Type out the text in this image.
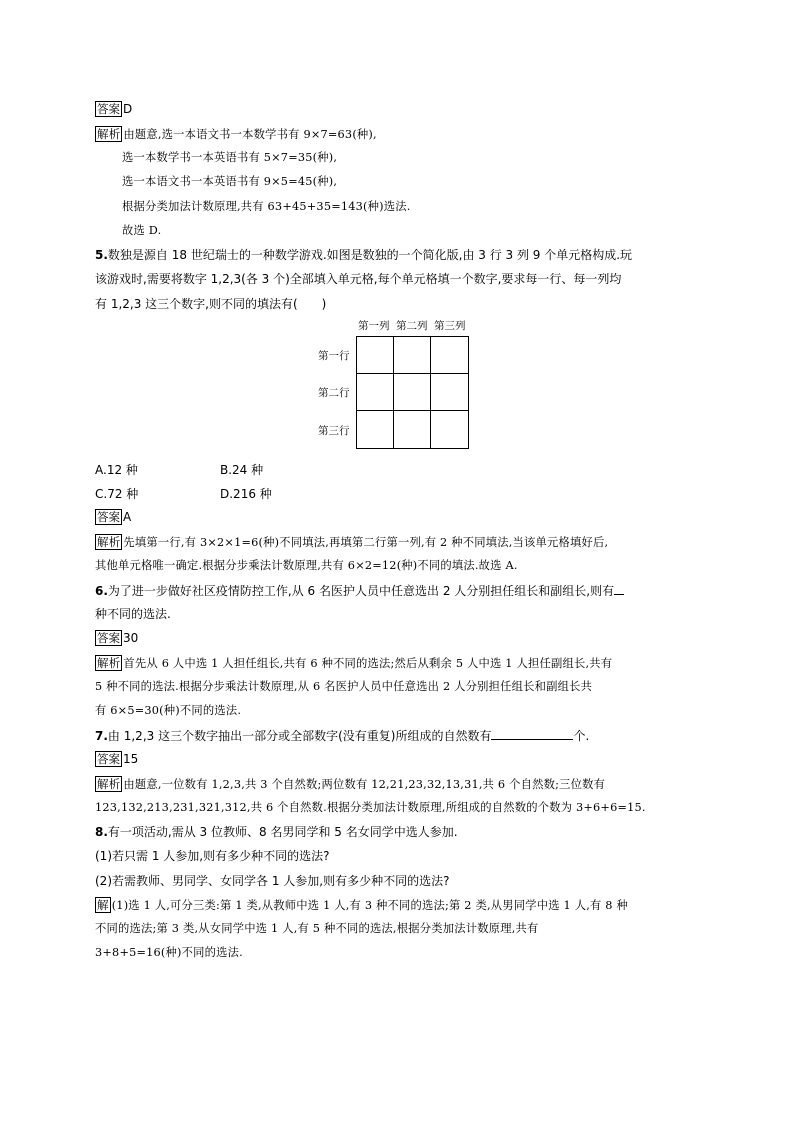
答案 D
解析 由题意,选一本语文书一本数学书有 9×7=63(种),
选一本数学书一本英语书有 5×7=35(种),
选一本语文书一本英语书有 9×5=45(种),
根据分类加法计数原理,共有 63+45+35=143(种)选法.
故选 D.
5.数独是源自 18 世纪瑞士的一种数学游戏.如图是数独的一个简化版,由 3 行 3 列 9 个单元格构成.玩
该游戏时,需要将数字 1,2,3(各 3 个)全部填入单元格,每个单元格填一个数字,要求每一行、每一列均
有 1,2,3 这三个数字,则不同的填法有(　　)
第一列 第二列 第三列
第一行
第二行
第三行
A.12 种	B.24 种
C.72 种	D.216 种
答案 A
解析 先填第一行,有 3×2×1=6(种)不同填法,再填第二行第一列,有 2 种不同填法,当该单元格填好后,
其他单元格唯一确定.根据分步乘法计数原理,共有 6×2=12(种)不同的填法.故选 A.
6.为了进一步做好社区疫情防控工作,从 6 名医护人员中任意选出 2 人分别担任组长和副组长,则有
种不同的选法.
答案 30
解析 首先从 6 人中选 1 人担任组长,共有 6 种不同的选法;然后从剩余 5 人中选 1 人担任副组长,共有
5 种不同的选法.根据分步乘法计数原理,从 6 名医护人员中任意选出 2 人分别担任组长和副组长共
有 6×5=30(种)不同的选法.
7.由 1,2,3 这三个数字抽出一部分或全部数字(没有重复)所组成的自然数有	个.
答案 15
解析 由题意,一位数有 1,2,3,共 3 个自然数;两位数有 12,21,23,32,13,31,共 6 个自然数;三位数有
123,132,213,231,321,312,共 6 个自然数.根据分类加法计数原理,所组成的自然数的个数为 3+6+6=15.
8.有一项活动,需从 3 位教师、8 名男同学和 5 名女同学中选人参加.
(1)若只需 1 人参加,则有多少种不同的选法?
(2)若需教师、男同学、女同学各 1 人参加,则有多少种不同的选法?
解 (1)选 1 人,可分三类:第 1 类,从教师中选 1 人,有 3 种不同的选法;第 2 类,从男同学中选 1 人,有 8 种
不同的选法;第 3 类,从女同学中选 1 人,有 5 种不同的选法,根据分类加法计数原理,共有
3+8+5=16(种)不同的选法.
